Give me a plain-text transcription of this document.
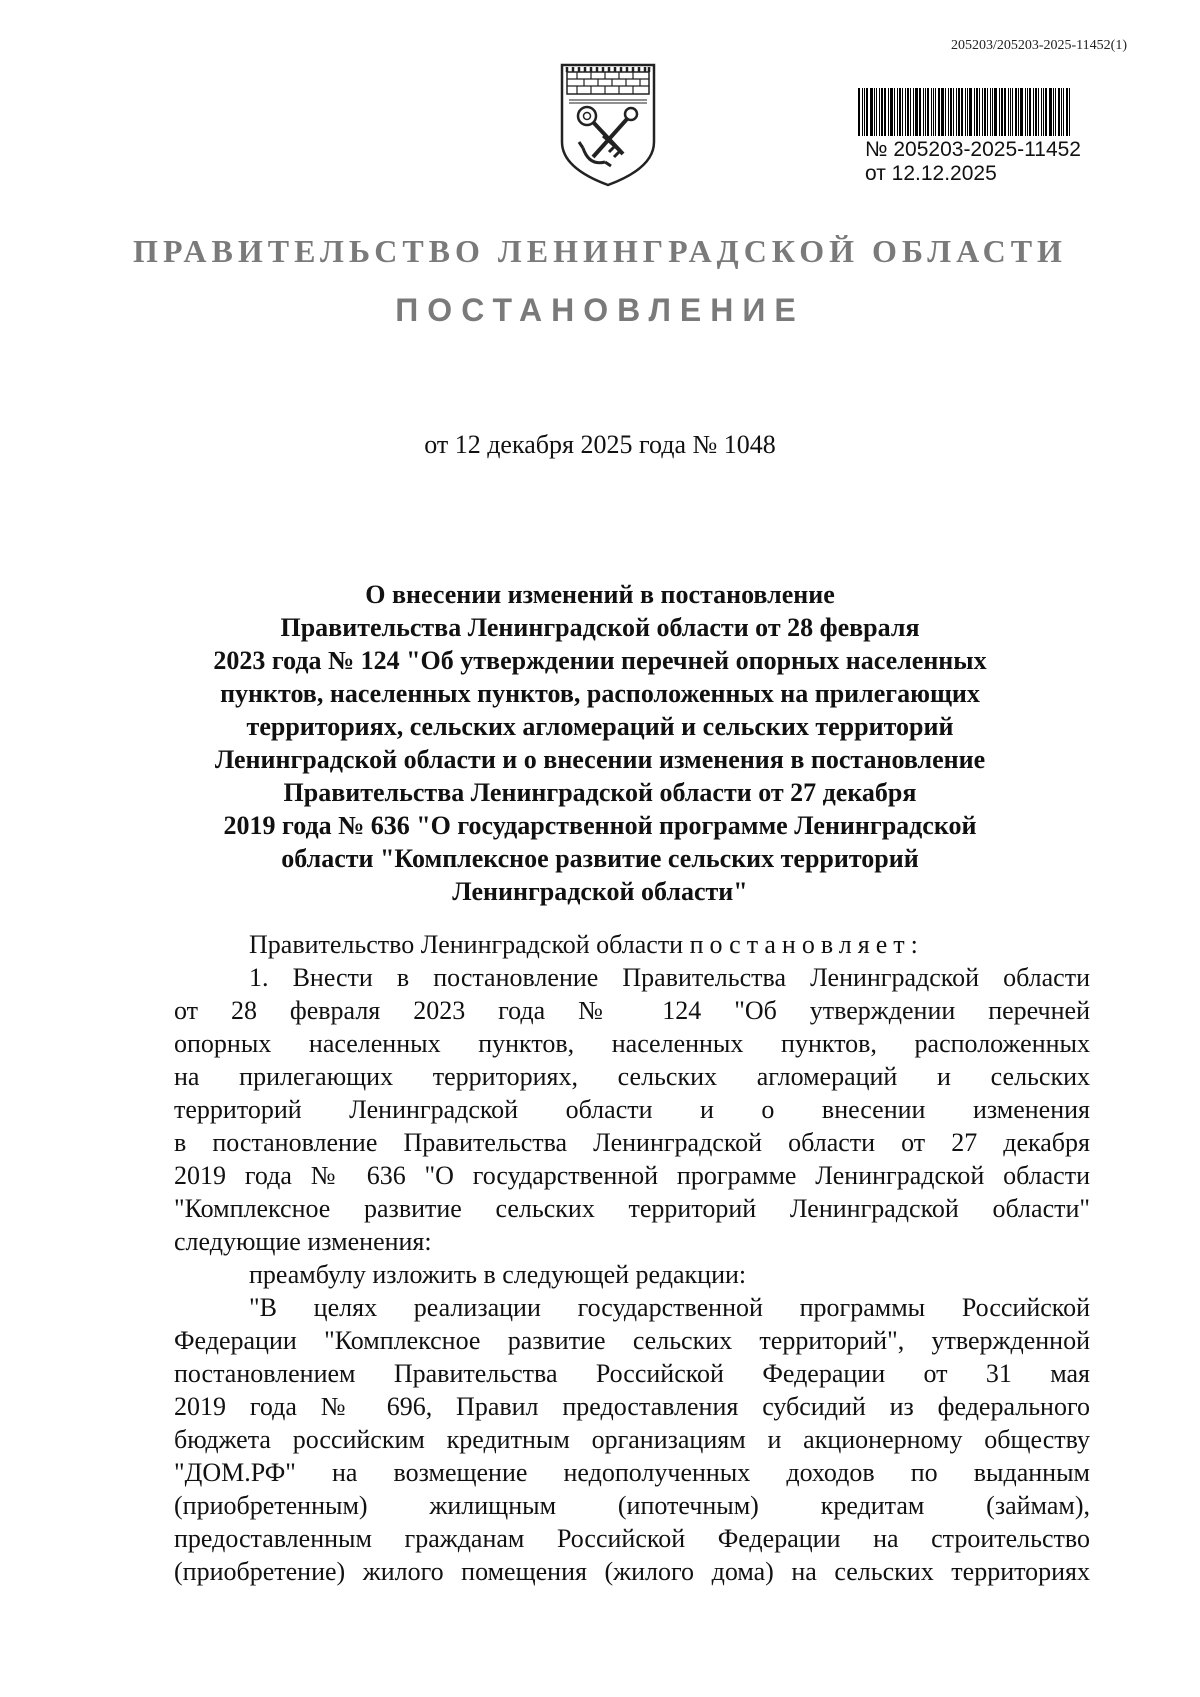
205203/205203-2025-11452(1)
№ 205203-2025-11452
от 12.12.2025
ПРАВИТЕЛЬСТВО ЛЕНИНГРАДСКОЙ ОБЛАСТИ
ПОСТАНОВЛЕНИЕ
от 12 декабря 2025 года № 1048
О внесении изменений в постановление
Правительства Ленинградской области от 28 февраля
2023 года № 124 "Об утверждении перечней опорных населенных
пунктов, населенных пунктов, расположенных на прилегающих
территориях, сельских агломераций и сельских территорий
Ленинградской области и о внесении изменения в постановление
Правительства Ленинградской области от 27 декабря
2019 года № 636 "О государственной программе Ленинградской
области "Комплексное развитие сельских территорий
Ленинградской области"
Правительство Ленинградской области постановляет:
1. Внести в постановление Правительства Ленинградской области
от 28 февраля 2023 года № 124 "Об утверждении перечней
опорных населенных пунктов, населенных пунктов, расположенных
на прилегающих территориях, сельских агломераций и сельских
территорий Ленинградской области и о внесении изменения
в постановление Правительства Ленинградской области от 27 декабря
2019 года № 636 "О государственной программе Ленинградской области
"Комплексное развитие сельских территорий Ленинградской области"
следующие изменения:
преамбулу изложить в следующей редакции:
"В целях реализации государственной программы Российской
Федерации "Комплексное развитие сельских территорий", утвержденной
постановлением Правительства Российской Федерации от 31 мая
2019 года № 696, Правил предоставления субсидий из федерального
бюджета российским кредитным организациям и акционерному обществу
"ДОМ.РФ" на возмещение недополученных доходов по выданным
(приобретенным) жилищным (ипотечным) кредитам (займам),
предоставленным гражданам Российской Федерации на строительство
(приобретение) жилого помещения (жилого дома) на сельских территориях
